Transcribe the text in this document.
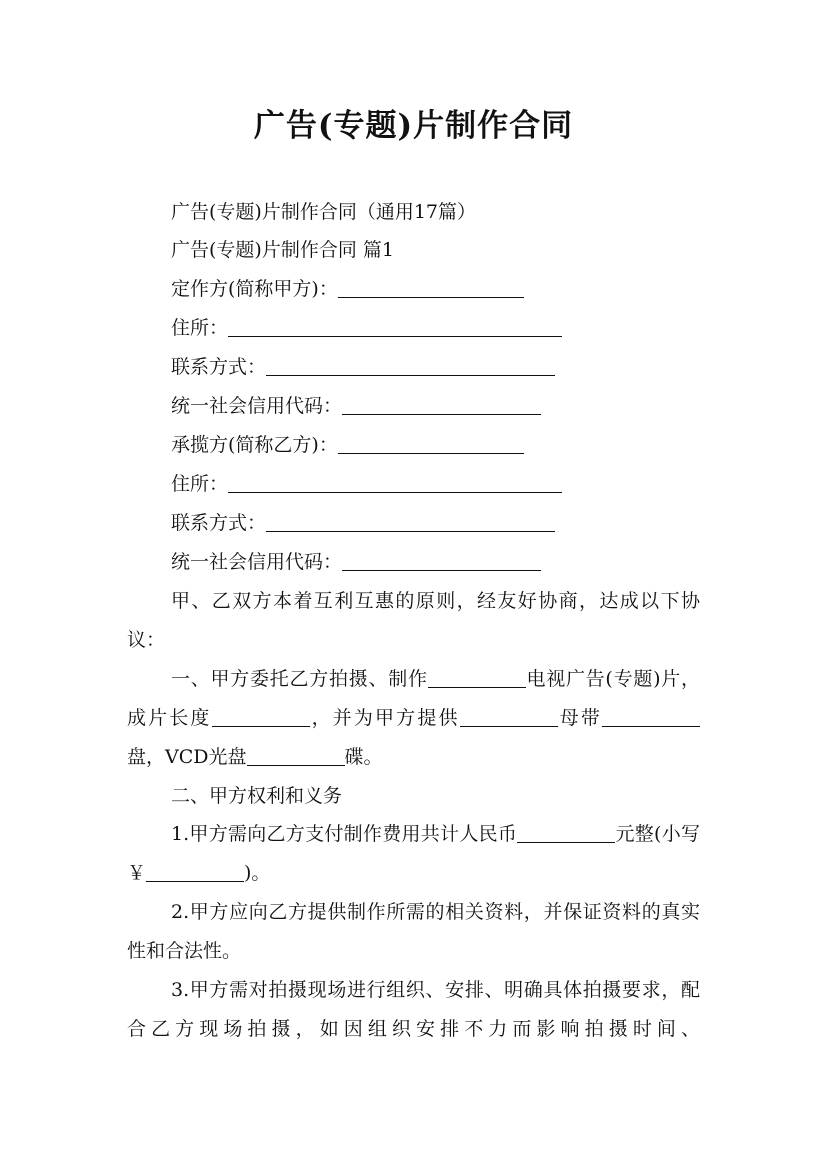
广告(专题)片制作合同
广告(专题)片制作合同（通用17篇）
广告(专题)片制作合同 篇1
定作方(简称甲方)：
住所：
联系方式：
统一社会信用代码：
承揽方(简称乙方)：
住所：
联系方式：
统一社会信用代码：
甲、乙双方本着互利互惠的原则，经友好协商，达成以下协议：
一、甲方委托乙方拍摄、制作	电视广告(专题)片，成片长度	，并为甲方提供	母带盘，VCD光盘	碟。
二、甲方权利和义务
1.甲方需向乙方支付制作费用共计人民币	元整(小写￥	)。
2.甲方应向乙方提供制作所需的相关资料，并保证资料的真实性和合法性。
3.甲方需对拍摄现场进行组织、安排、明确具体拍摄要求，配合乙方现场拍摄，如因组织安排不力而影响拍摄时间、
